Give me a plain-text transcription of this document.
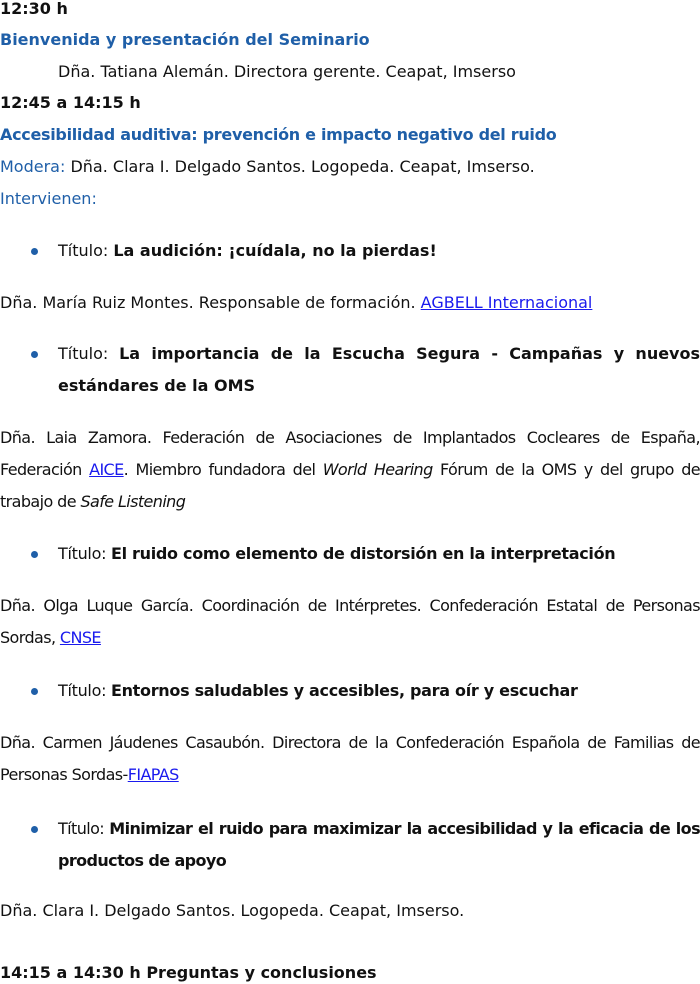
12:30 h
Bienvenida y presentación del Seminario
Dña. Tatiana Alemán. Directora gerente. Ceapat, Imserso
12:45 a 14:15 h
Accesibilidad auditiva: prevención e impacto negativo del ruido
Modera: Dña. Clara I. Delgado Santos. Logopeda. Ceapat, Imserso.
Intervienen:
Título: La audición: ¡cuídala, no la pierdas!
Dña. María Ruiz Montes. Responsable de formación. AGBELL Internacional
Título: La importancia de la Escucha Segura - Campañas y nuevos estándares de la OMS
Dña. Laia Zamora. Federación de Asociaciones de Implantados Cocleares de España, Federación AICE. Miembro fundadora del World Hearing Fórum de la OMS y del grupo de trabajo de Safe Listening
Título: El ruido como elemento de distorsión en la interpretación
Dña. Olga Luque García. Coordinación de Intérpretes. Confederación Estatal de Personas Sordas, CNSE
Título: Entornos saludables y accesibles, para oír y escuchar
Dña. Carmen Jáudenes Casaubón. Directora de la Confederación Española de Familias de Personas Sordas-FIAPAS
Título: Minimizar el ruido para maximizar la accesibilidad y la eficacia de los productos de apoyo
Dña. Clara I. Delgado Santos. Logopeda. Ceapat, Imserso.
14:15 a 14:30 h Preguntas y conclusiones
